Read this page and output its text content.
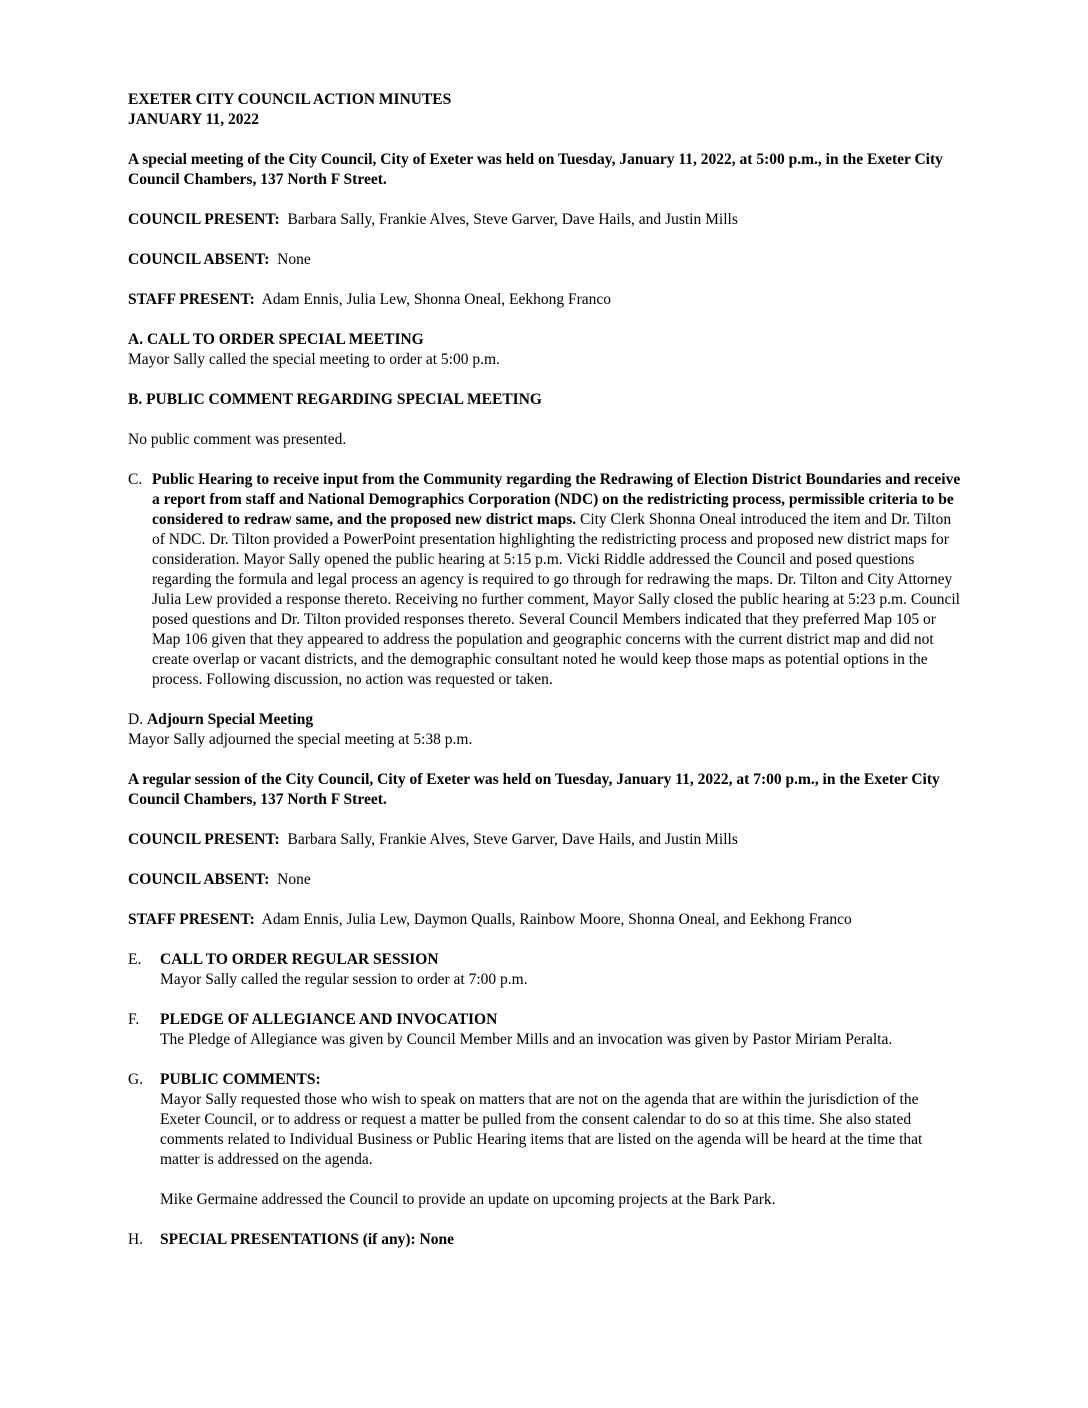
EXETER CITY COUNCIL ACTION MINUTES

JANUARY 11, 2022

A special meeting of the City Council, City of Exeter was held on Tuesday, January 11, 2022, at 5:00 p.m., in the Exeter City Council Chambers, 137 North F Street.

COUNCIL PRESENT: Barbara Sally, Frankie Alves, Steve Garver, Dave Hails, and Justin Mills

COUNCIL ABSENT: None

STAFF PRESENT: Adam Ennis, Julia Lew, Shonna Oneal, Eekhong Franco

A. CALL TO ORDER SPECIAL MEETING

Mayor Sally called the special meeting to order at 5:00 p.m.

B. PUBLIC COMMENT REGARDING SPECIAL MEETING

No public comment was presented.

C. Public Hearing to receive input from the Community regarding the Redrawing of Election District Boundaries and receive a report from staff and National Demographics Corporation (NDC) on the redistricting process, permissible criteria to be considered to redraw same, and the proposed new district maps. City Clerk Shonna Oneal introduced the item and Dr. Tilton of NDC. Dr. Tilton provided a PowerPoint presentation highlighting the redistricting process and proposed new district maps for consideration. Mayor Sally opened the public hearing at 5:15 p.m. Vicki Riddle addressed the Council and posed questions regarding the formula and legal process an agency is required to go through for redrawing the maps. Dr. Tilton and City Attorney Julia Lew provided a response thereto. Receiving no further comment, Mayor Sally closed the public hearing at 5:23 p.m. Council posed questions and Dr. Tilton provided responses thereto. Several Council Members indicated that they preferred Map 105 or Map 106 given that they appeared to address the population and geographic concerns with the current district map and did not create overlap or vacant districts, and the demographic consultant noted he would keep those maps as potential options in the process. Following discussion, no action was requested or taken.

D. Adjourn Special Meeting

Mayor Sally adjourned the special meeting at 5:38 p.m.

A regular session of the City Council, City of Exeter was held on Tuesday, January 11, 2022, at 7:00 p.m., in the Exeter City Council Chambers, 137 North F Street.

COUNCIL PRESENT: Barbara Sally, Frankie Alves, Steve Garver, Dave Hails, and Justin Mills

COUNCIL ABSENT: None

STAFF PRESENT: Adam Ennis, Julia Lew, Daymon Qualls, Rainbow Moore, Shonna Oneal, and Eekhong Franco

E.	CALL TO ORDER REGULAR SESSION

Mayor Sally called the regular session to order at 7:00 p.m.

F.	PLEDGE OF ALLEGIANCE AND INVOCATION

The Pledge of Allegiance was given by Council Member Mills and an invocation was given by Pastor Miriam Peralta.

G.	PUBLIC COMMENTS:

Mayor Sally requested those who wish to speak on matters that are not on the agenda that are within the jurisdiction of the Exeter Council, or to address or request a matter be pulled from the consent calendar to do so at this time. She also stated comments related to Individual Business or Public Hearing items that are listed on the agenda will be heard at the time that matter is addressed on the agenda.

Mike Germaine addressed the Council to provide an update on upcoming projects at the Bark Park.

H.	SPECIAL PRESENTATIONS (if any): None
